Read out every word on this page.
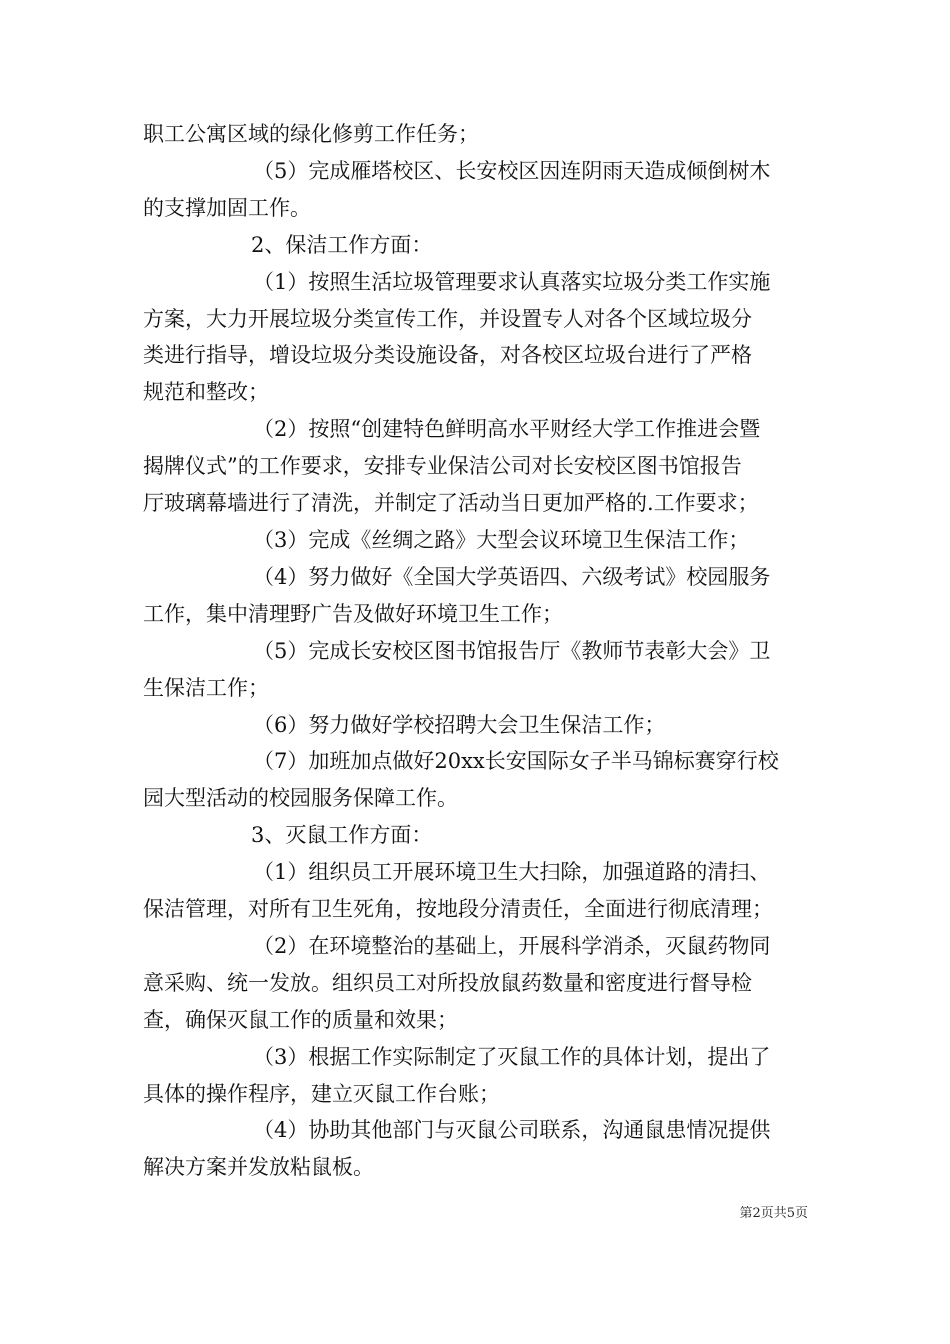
职工公寓区域的绿化修剪工作任务；

（5）完成雁塔校区、长安校区因连阴雨天造成倾倒树木

的支撑加固工作。

2、保洁工作方面：

（1）按照生活垃圾管理要求认真落实垃圾分类工作实施

方案，大力开展垃圾分类宣传工作，并设置专人对各个区域垃圾分

类进行指导，增设垃圾分类设施设备，对各校区垃圾台进行了严格

规范和整改；

（2）按照“创建特色鲜明高水平财经大学工作推进会暨

揭牌仪式”的工作要求，安排专业保洁公司对长安校区图书馆报告

厅玻璃幕墙进行了清洗，并制定了活动当日更加严格的.工作要求；

（3）完成《丝绸之路》大型会议环境卫生保洁工作；

（4）努力做好《全国大学英语四、六级考试》校园服务

工作，集中清理野广告及做好环境卫生工作；

（5）完成长安校区图书馆报告厅《教师节表彰大会》卫

生保洁工作；

（6）努力做好学校招聘大会卫生保洁工作；

（7）加班加点做好20xx长安国际女子半马锦标赛穿行校

园大型活动的校园服务保障工作。

3、灭鼠工作方面：

（1）组织员工开展环境卫生大扫除，加强道路的清扫、

保洁管理，对所有卫生死角，按地段分清责任，全面进行彻底清理；

（2）在环境整治的基础上，开展科学消杀，灭鼠药物同

意采购、统一发放。组织员工对所投放鼠药数量和密度进行督导检

查，确保灭鼠工作的质量和效果；

（3）根据工作实际制定了灭鼠工作的具体计划，提出了

具体的操作程序，建立灭鼠工作台账；

（4）协助其他部门与灭鼠公司联系，沟通鼠患情况提供

解决方案并发放粘鼠板。

第2页共5页
